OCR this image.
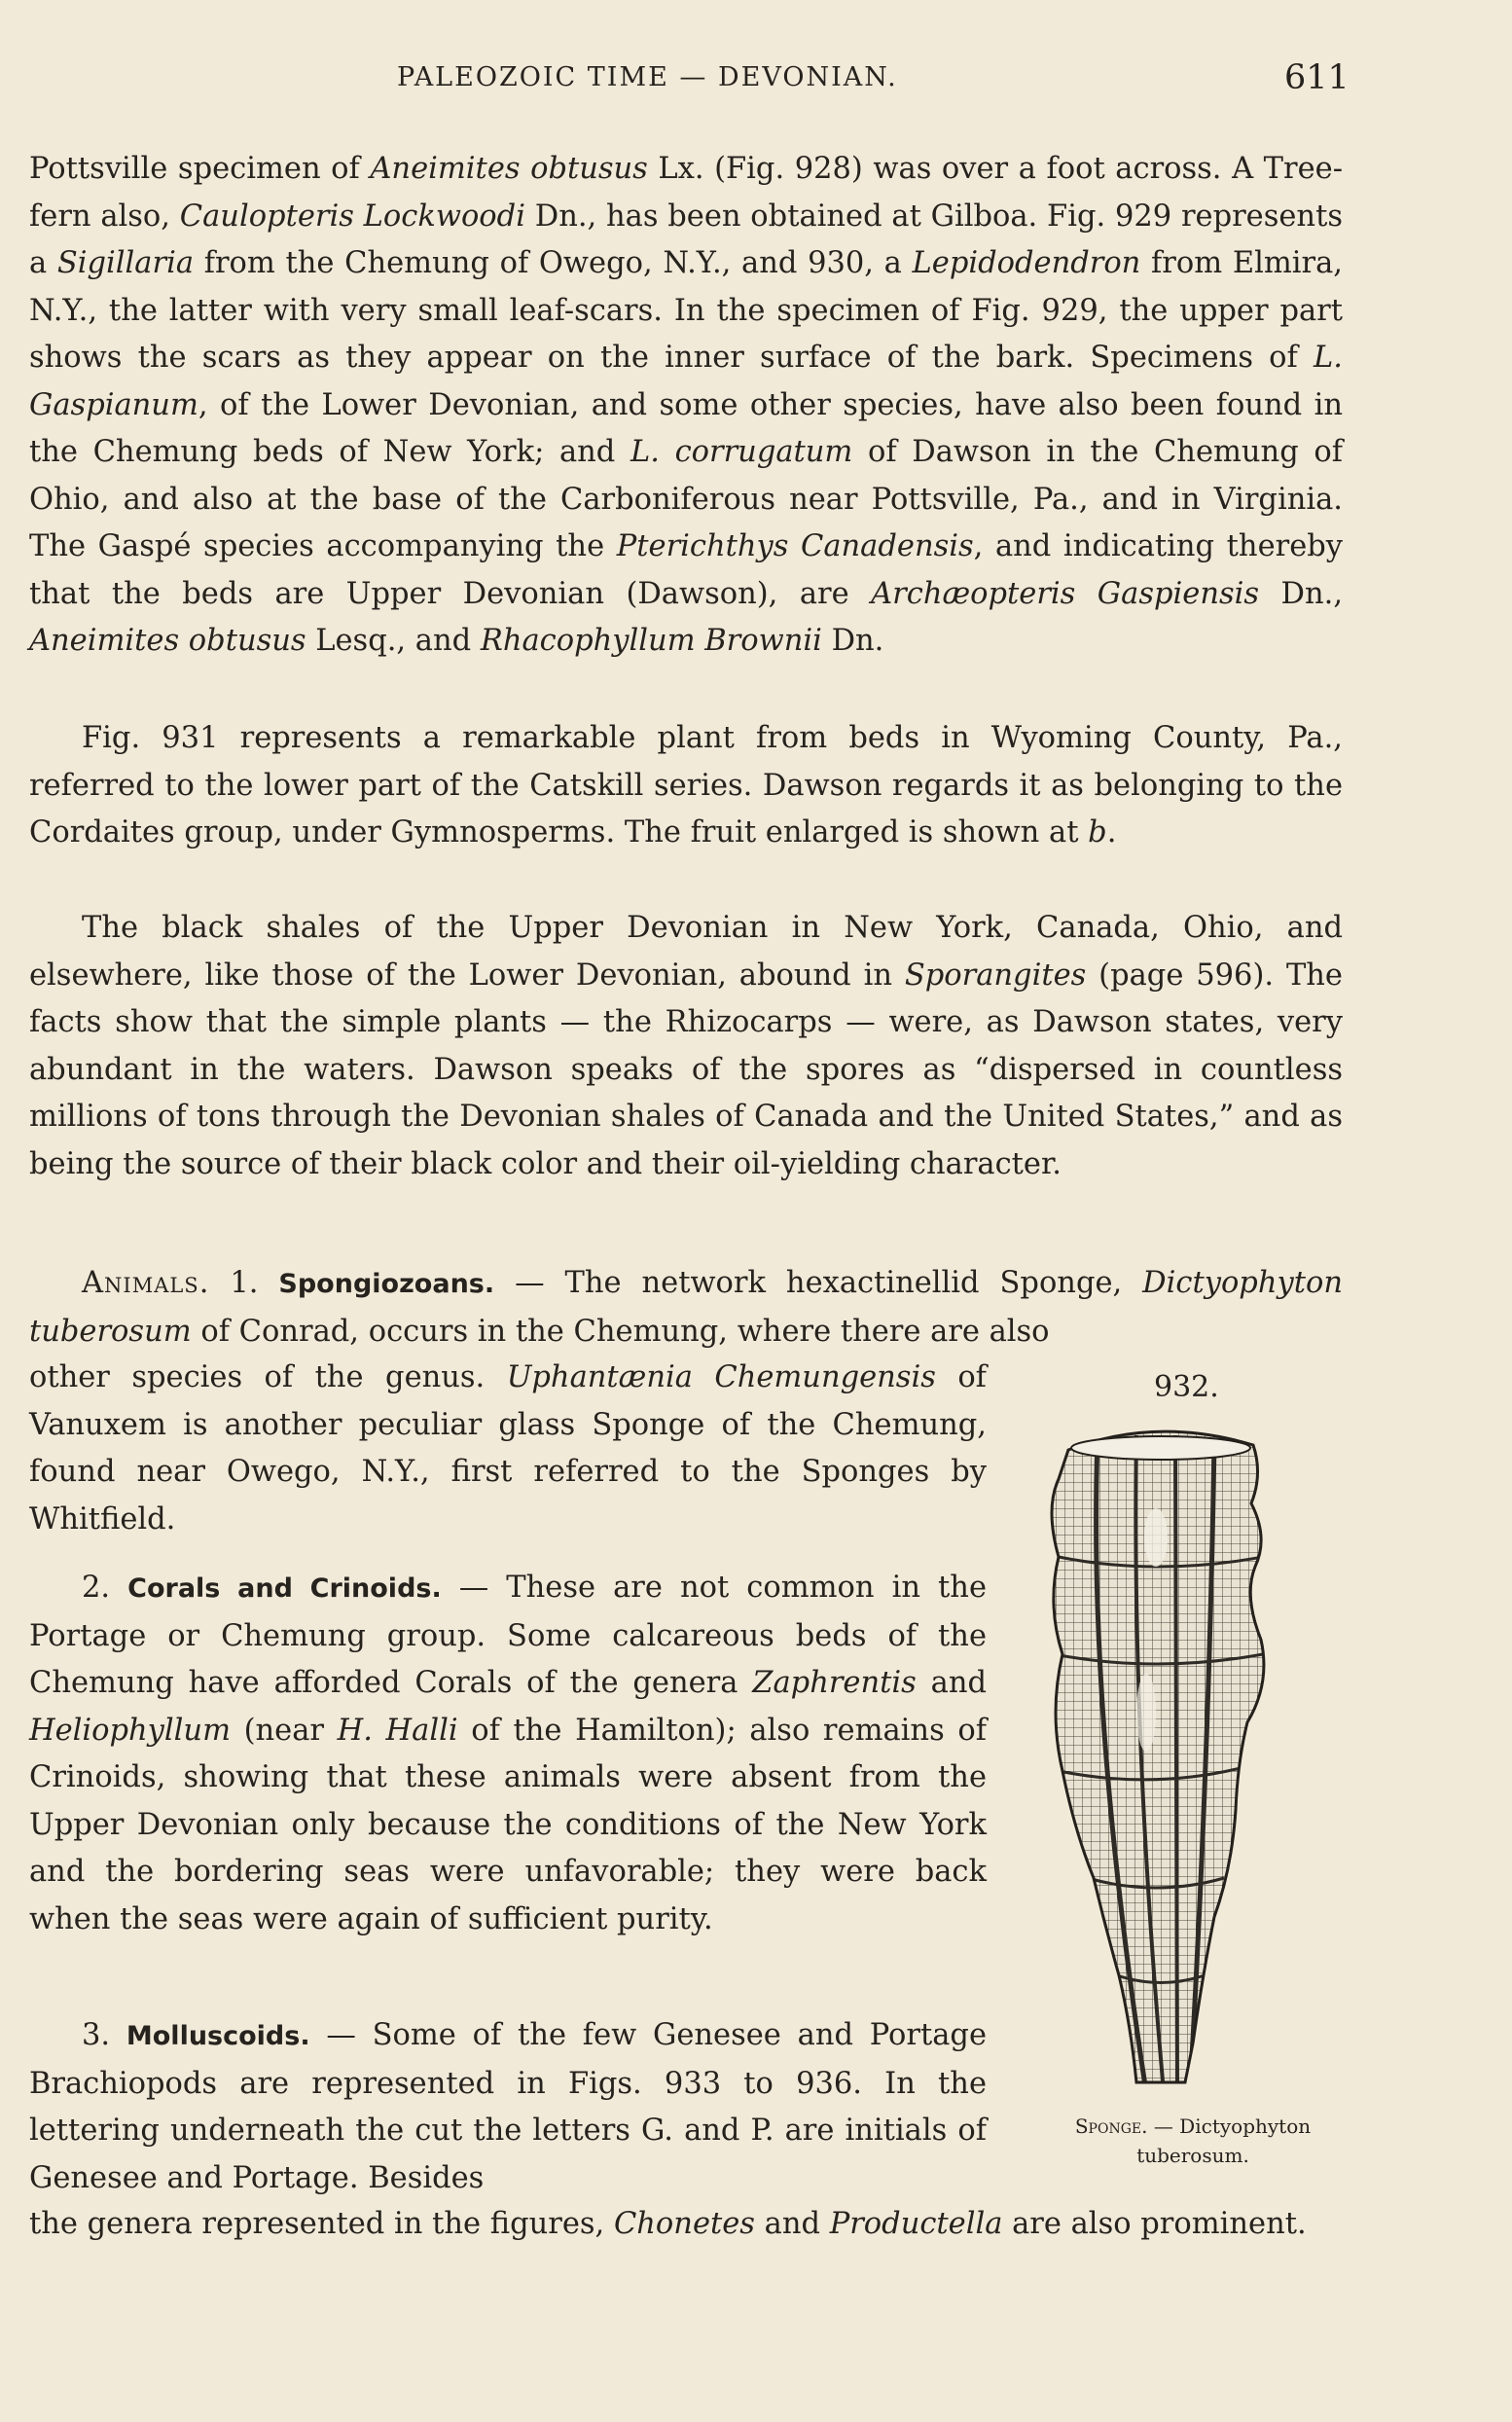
PALEOZOIC TIME — DEVONIAN.	611

Pottsville specimen of Aneimites obtusus Lx. (Fig. 928) was over a foot across. A Tree-fern also, Caulopteris Lockwoodi Dn., has been obtained at Gilboa. Fig. 929 represents a Sigillaria from the Chemung of Owego, N.Y., and 930, a Lepidodendron from Elmira, N.Y., the latter with very small leaf-scars. In the specimen of Fig. 929, the upper part shows the scars as they appear on the inner surface of the bark. Specimens of L. Gaspianum, of the Lower Devonian, and some other species, have also been found in the Chemung beds of New York; and L. corrugatum of Dawson in the Chemung of Ohio, and also at the base of the Carboniferous near Pottsville, Pa., and in Virginia. The Gaspé species accompanying the Pterichthys Canadensis, and indicating thereby that the beds are Upper Devonian (Dawson), are Archæopteris Gaspiensis Dn., Aneimites obtusus Lesq., and Rhacophyllum Brownii Dn.

Fig. 931 represents a remarkable plant from beds in Wyoming County, Pa., referred to the lower part of the Catskill series. Dawson regards it as belonging to the Cordaites group, under Gymnosperms. The fruit enlarged is shown at b.

The black shales of the Upper Devonian in New York, Canada, Ohio, and elsewhere, like those of the Lower Devonian, abound in Sporangites (page 596). The facts show that the simple plants — the Rhizocarps — were, as Dawson states, very abundant in the waters. Dawson speaks of the spores as “dispersed in countless millions of tons through the Devonian shales of Canada and the United States,” and as being the source of their black color and their oil-yielding character.

Animals. 1. Spongiozoans. — The network hexactinellid Sponge, Dictyophyton tuberosum of Conrad, occurs in the Chemung, where there are also

other species of the genus. Uphantænia Chemungensis of Vanuxem is another peculiar glass Sponge of the Chemung, found near Owego, N.Y., first referred to the Sponges by Whitfield.

2. Corals and Crinoids. — These are not common in the Portage or Chemung group. Some calcareous beds of the Chemung have afforded Corals of the genera Zaphrentis and Heliophyllum (near H. Halli of the Hamilton); also remains of Crinoids, showing that these animals were absent from the Upper Devonian only because the conditions of the New York and the bordering seas were unfavorable; they were back when the seas were again of sufficient purity.

3. Molluscoids. — Some of the few Genesee and Portage Brachiopods are represented in Figs. 933 to 936. In the lettering underneath the cut the letters G. and P. are initials of Genesee and Portage. Besides

the genera represented in the figures, Chonetes and Productella are also prominent.

932.
Sponge. — Dictyophyton tuberosum.
